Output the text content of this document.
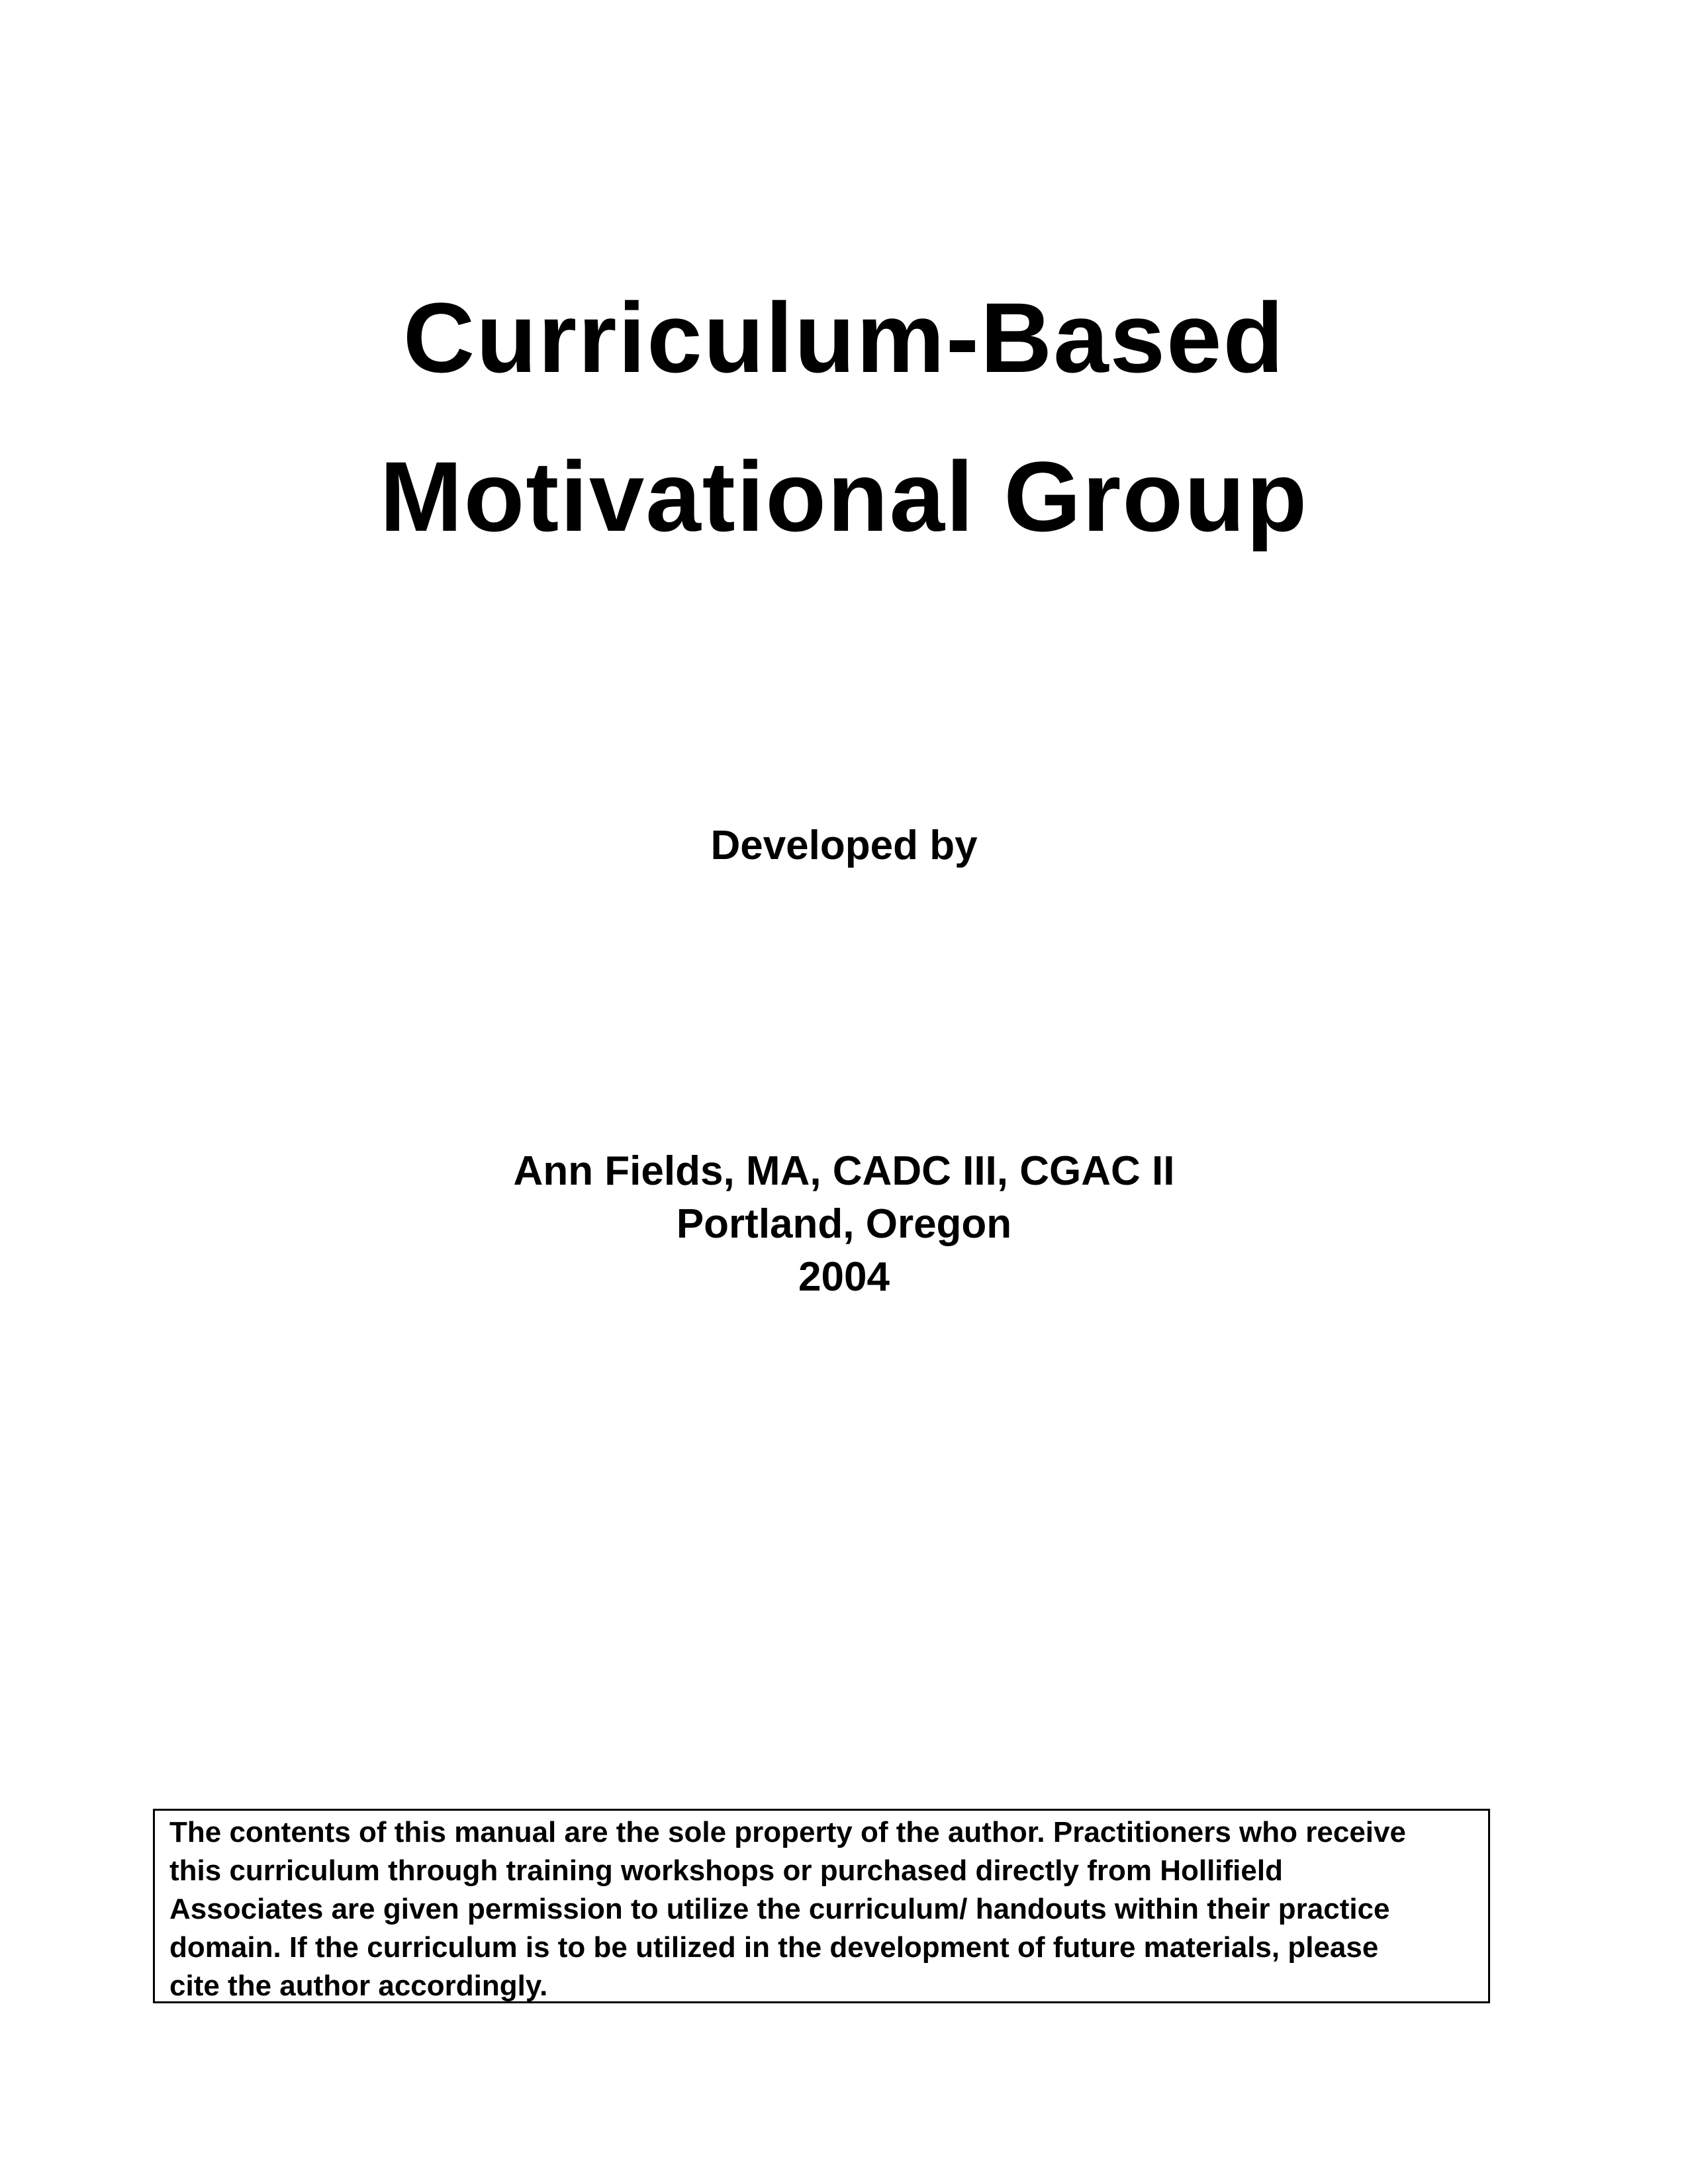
Curriculum-Based
Motivational Group
Developed by
Ann Fields, MA, CADC III, CGAC II
Portland, Oregon
2004
The contents of this manual are the sole property of the author. Practitioners who receive
this curriculum through training workshops or purchased directly from Hollifield
Associates are given permission to utilize the curriculum/ handouts within their practice
domain. If the curriculum is to be utilized in the development of future materials, please
cite the author accordingly.
